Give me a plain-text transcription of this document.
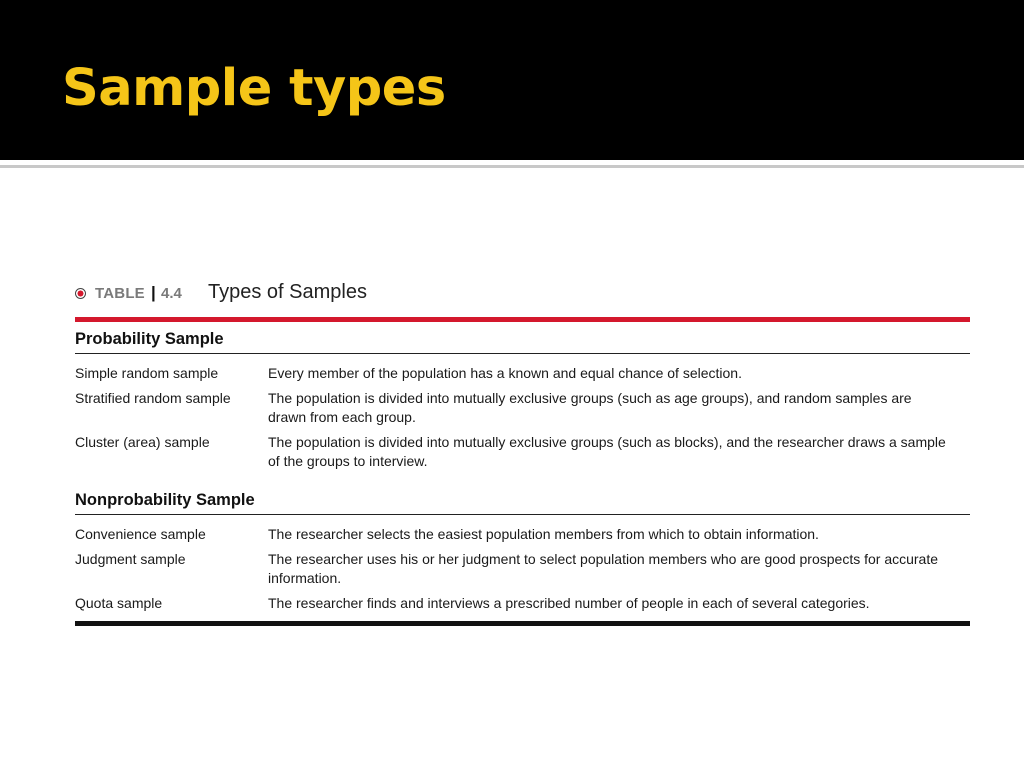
Sample types
TABLE | 4.4 Types of Samples
Probability Sample
Simple random sample	Every member of the population has a known and equal chance of selection.
Stratified random sample	The population is divided into mutually exclusive groups (such as age groups), and random samples are drawn from each group.
Cluster (area) sample	The population is divided into mutually exclusive groups (such as blocks), and the researcher draws a sample of the groups to interview.
Nonprobability Sample
Convenience sample	The researcher selects the easiest population members from which to obtain information.
Judgment sample	The researcher uses his or her judgment to select population members who are good prospects for accurate information.
Quota sample	The researcher finds and interviews a prescribed number of people in each of several categories.
